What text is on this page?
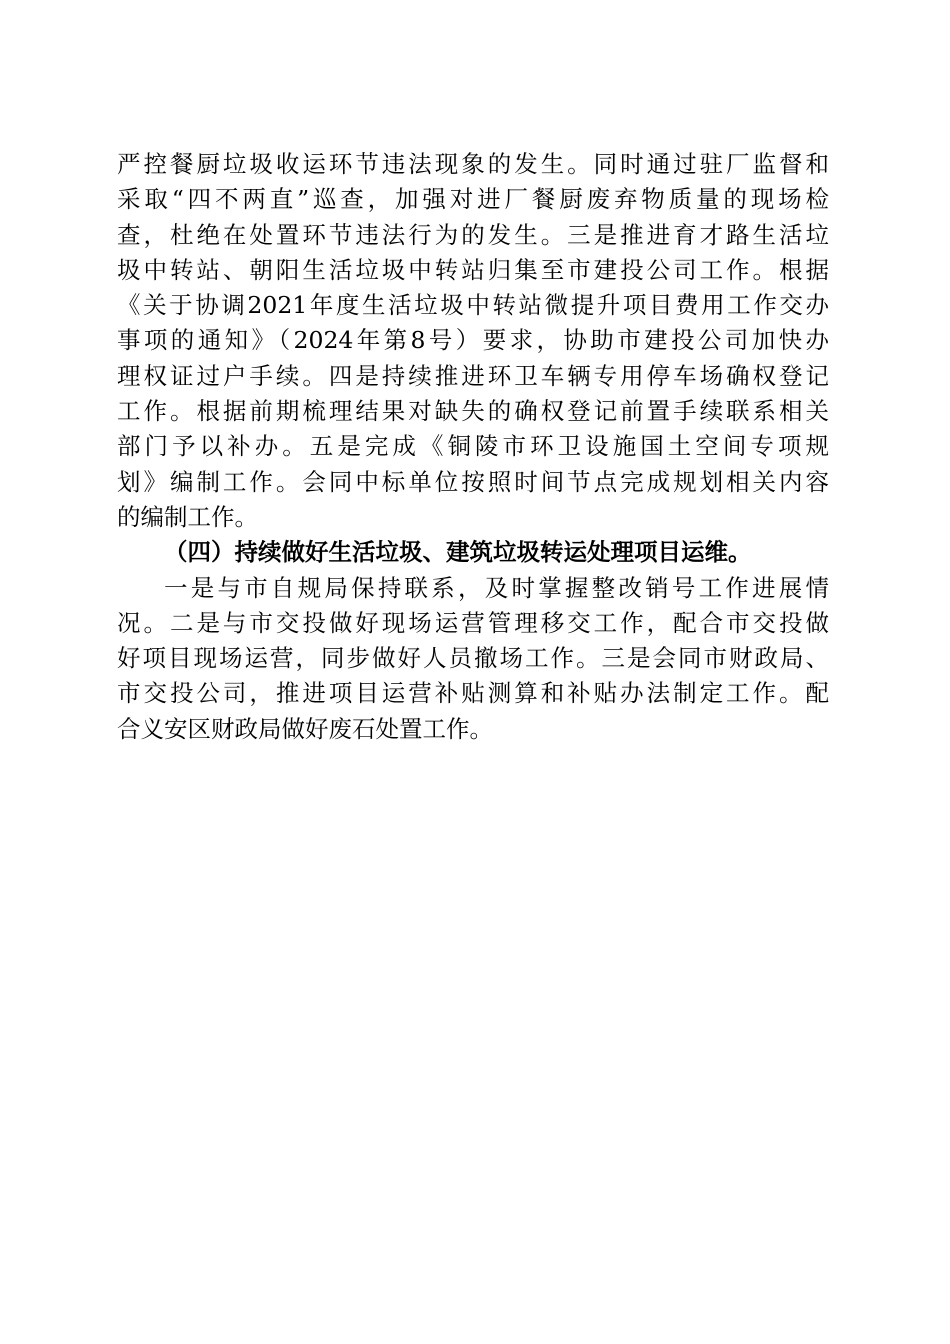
严控餐厨垃圾收运环节违法现象的发生。同时通过驻厂监督和
采取“四不两直”巡查，加强对进厂餐厨废弃物质量的现场检
查，杜绝在处置环节违法行为的发生。三是推进育才路生活垃
圾中转站、朝阳生活垃圾中转站归集至市建投公司工作。根据
《关于协调2021年度生活垃圾中转站微提升项目费用工作交办
事项的通知》（2024年第8号）要求，协助市建投公司加快办
理权证过户手续。四是持续推进环卫车辆专用停车场确权登记
工作。根据前期梳理结果对缺失的确权登记前置手续联系相关
部门予以补办。五是完成《铜陵市环卫设施国土空间专项规
划》编制工作。会同中标单位按照时间节点完成规划相关内容
的编制工作。
（四）持续做好生活垃圾、建筑垃圾转运处理项目运维。
一是与市自规局保持联系，及时掌握整改销号工作进展情
况。二是与市交投做好现场运营管理移交工作，配合市交投做
好项目现场运营，同步做好人员撤场工作。三是会同市财政局、
市交投公司，推进项目运营补贴测算和补贴办法制定工作。配
合义安区财政局做好废石处置工作。
